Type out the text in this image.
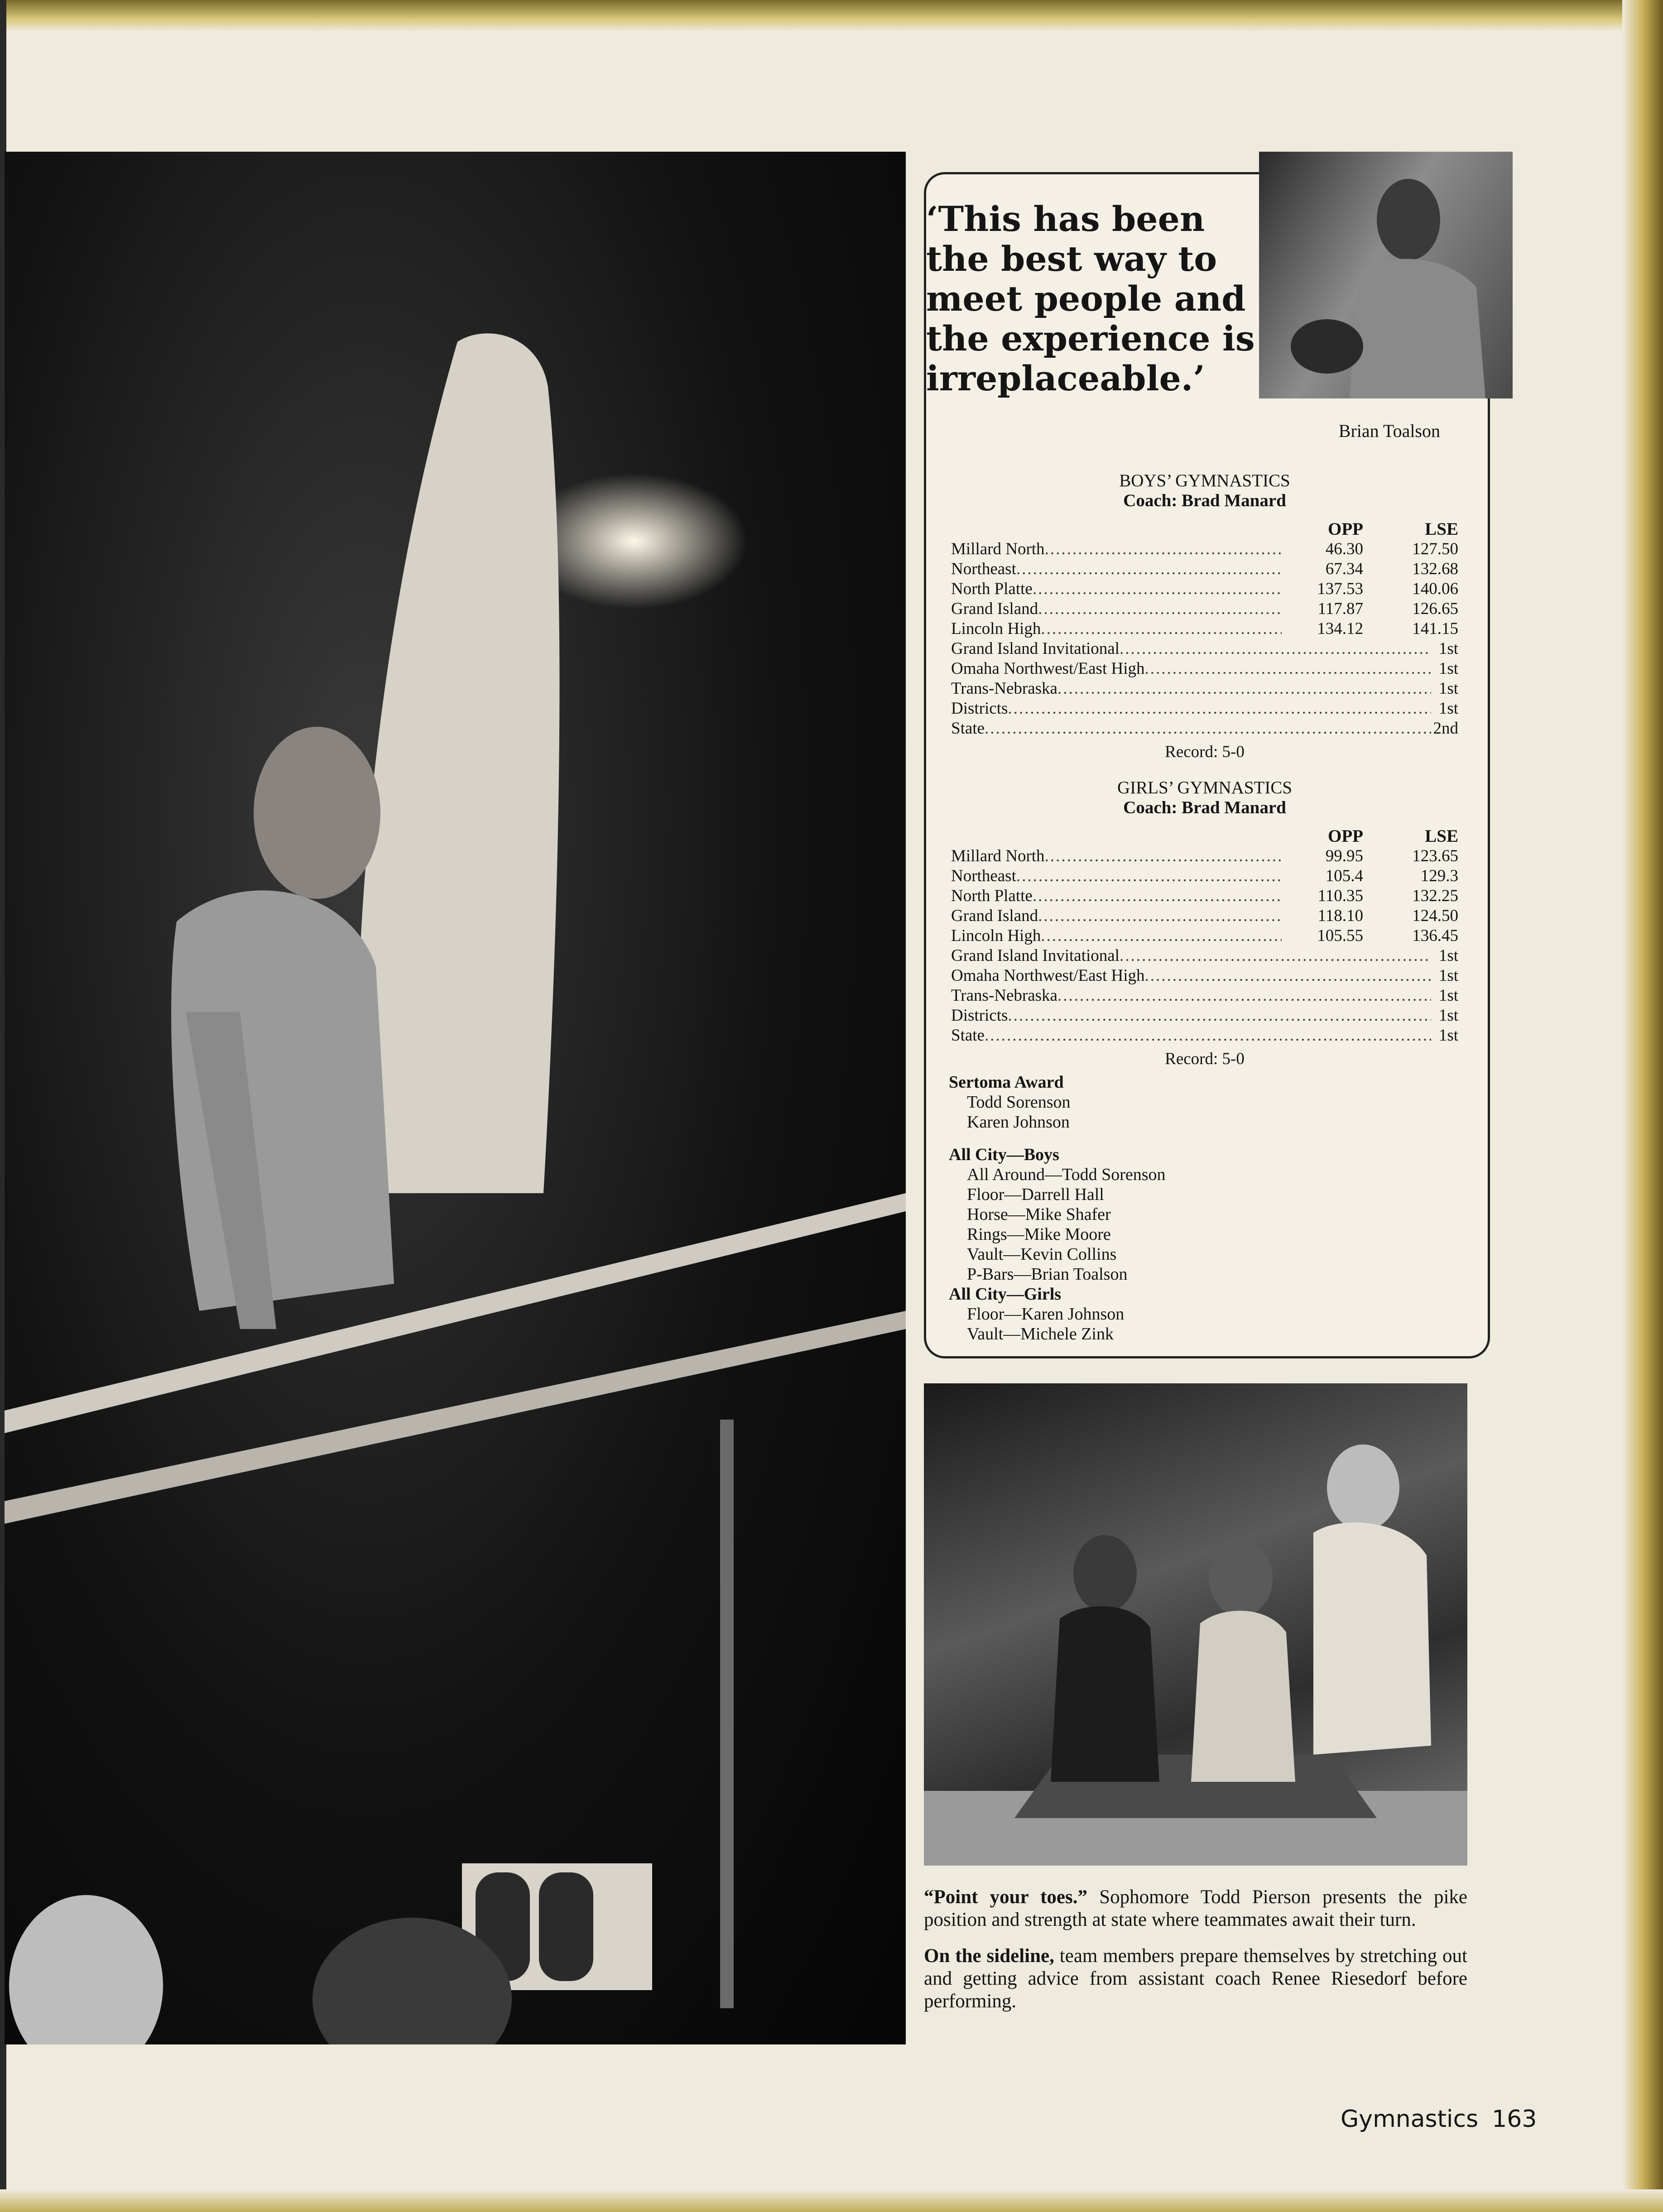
‘This has been the best way to meet people and the experience is irreplaceable.’

Brian Toalson
BOYS’ GYMNASTICS
Coach: Brad Manard
OPP	LSE
Millard North .....	46.30	127.50
Northeast .....	67.34	132.68
North Platte .....	137.53	140.06
Grand Island .....	117.87	126.65
Lincoln High .....	134.12	141.15
Grand Island Invitational .....	1st
Omaha Northwest/East High .....	1st
Trans-Nebraska .....	1st
Districts .....	1st
State .....	2nd
Record: 5-0
GIRLS’ GYMNASTICS
Coach: Brad Manard
OPP	LSE
Millard North .....	99.95	123.65
Northeast .....	105.4	129.3
North Platte .....	110.35	132.25
Grand Island .....	118.10	124.50
Lincoln High .....	105.55	136.45
Grand Island Invitational .....	1st
Omaha Northwest/East High .....	1st
Trans-Nebraska .....	1st
Districts .....	1st
State .....	1st
Record: 5-0
Sertoma Award
Todd Sorenson
Karen Johnson
All City—Boys
All Around—Todd Sorenson
Floor—Darrell Hall
Horse—Mike Shafer
Rings—Mike Moore
Vault—Kevin Collins
P-Bars—Brian Toalson
All City—Girls
Floor—Karen Johnson
Vault—Michele Zink

“Point your toes.” Sophomore Todd Pierson presents the pike position and strength at state where teammates await their turn.

On the sideline, team members prepare themselves by stretching out and getting advice from assistant coach Renee Riesedorf before performing.

Gymnastics 163
